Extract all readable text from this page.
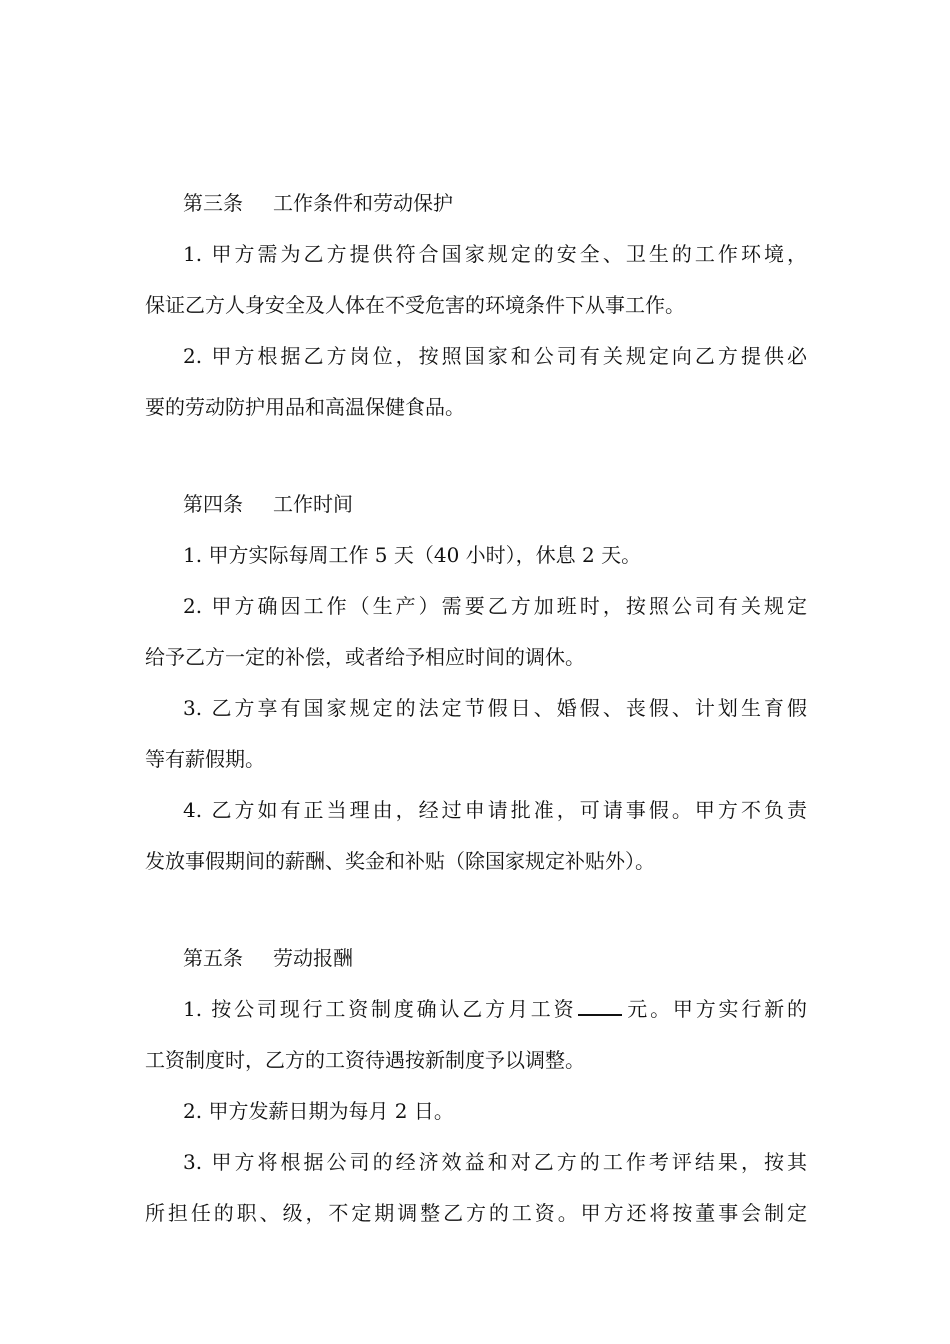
第三条 工作条件和劳动保护

1. 甲方需为乙方提供符合国家规定的安全、卫生的工作环境，

保证乙方人身安全及人体在不受危害的环境条件下从事工作。

2. 甲方根据乙方岗位，按照国家和公司有关规定向乙方提供必

要的劳动防护用品和高温保健食品。

第四条 工作时间

1. 甲方实际每周工作 5 天（40 小时），休息 2 天。

2. 甲方确因工作（生产）需要乙方加班时，按照公司有关规定

给予乙方一定的补偿，或者给予相应时间的调休。

3. 乙方享有国家规定的法定节假日、婚假、丧假、计划生育假

等有薪假期。

4. 乙方如有正当理由，经过申请批准，可请事假。甲方不负责

发放事假期间的薪酬、奖金和补贴（除国家规定补贴外）。

第五条 劳动报酬

1. 按公司现行工资制度确认乙方月工资 元。甲方实行新的

工资制度时，乙方的工资待遇按新制度予以调整。

2. 甲方发薪日期为每月 2 日。

3. 甲方将根据公司的经济效益和对乙方的工作考评结果，按其

所担任的职、级，不定期调整乙方的工资。甲方还将按董事会制定
